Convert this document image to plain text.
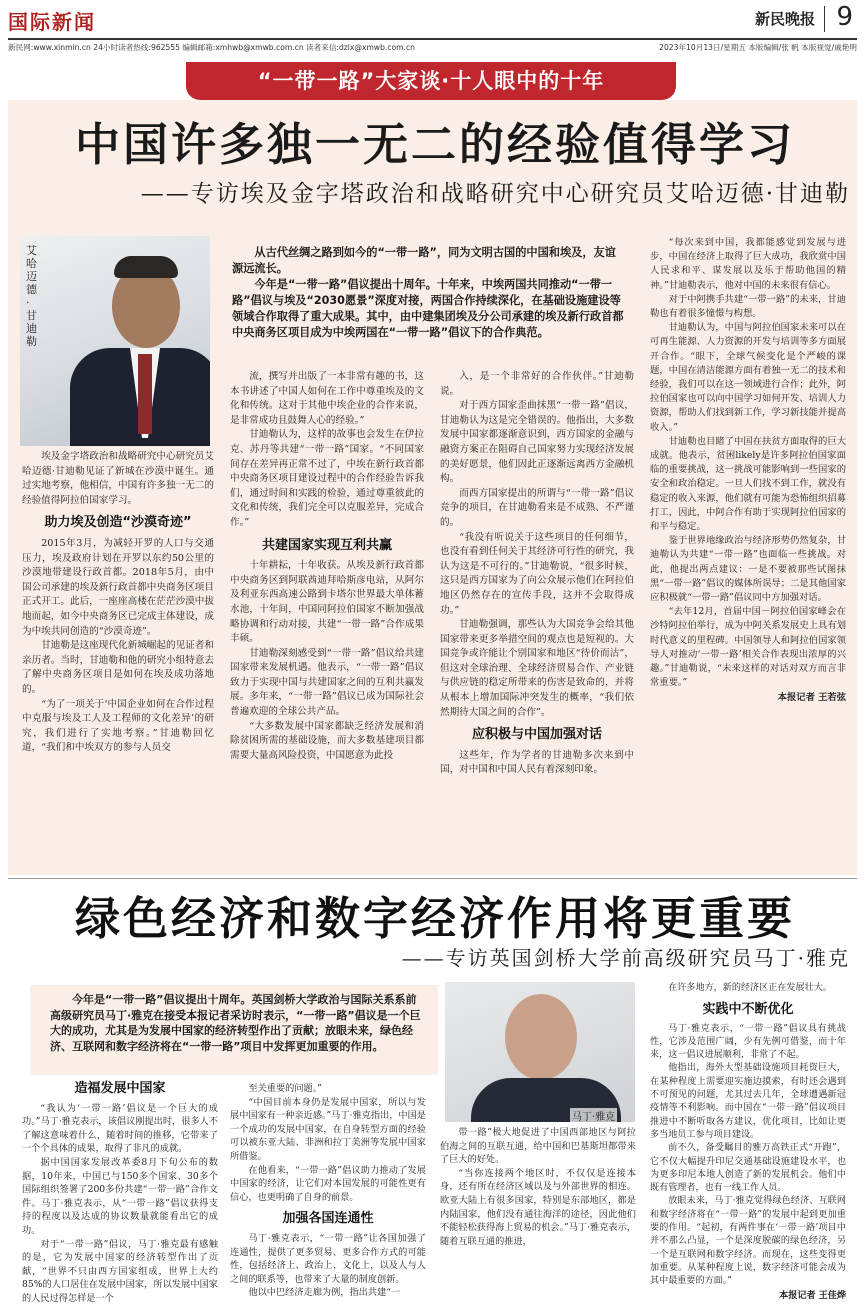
国际新闻	新民晚报 9
新民网:www.xinmin.cn 24小时读者热线:962555 编辑邮箱:xmhwb@xmwb.com.cn 读者来信:dzlx@xmwb.com.cn	2023年10月13日/星期五 本版编辑/张 帆 本版视觉/戚艳明
“一带一路”大家谈·十人眼中的十年
中国许多独一无二的经验值得学习
——专访埃及金字塔政治和战略研究中心研究员艾哈迈德·甘迪勒
艾哈迈德·甘迪勒

从古代丝绸之路到如今的“一带一路”，同为文明古国的中国和埃及，友谊源远流长。

今年是“一带一路”倡议提出十周年。十年来，中埃两国共同推动“一带一路”倡议与埃及“2030愿景”深度对接，两国合作持续深化，在基础设施建设等领域合作取得了重大成果。其中，由中建集团埃及分公司承建的埃及新行政首都中央商务区项目成为中埃两国在“一带一路”倡议下的合作典范。

埃及金字塔政治和战略研究中心研究员艾哈迈德·甘迪勒见证了新城在沙漠中诞生。通过实地考察，他相信，中国有许多独一无二的经验值得阿拉伯国家学习。

助力埃及创造“沙漠奇迹”

2015年3月，为减轻开罗的人口与交通压力，埃及政府计划在开罗以东约50公里的沙漠地带建设行政首都。2018年5月，由中国公司承建的埃及新行政首都中央商务区项目正式开工。此后，一座座高楼在茫茫沙漠中拔地而起，如今中央商务区已完成主体建设，成为中埃共同创造的“沙漠奇迹”。

甘迪勒是这座现代化新城崛起的见证者和亲历者。当时，甘迪勒和他的研究小组特意去了解中央商务区项目是如何在埃及成功落地的。

“为了一项关于‘中国企业如何在合作过程中克服与埃及工人及工程师的文化差异’的研究，我们进行了实地考察。”甘迪勒回忆道，“我们和中埃双方的参与人员交

流，撰写并出版了一本非常有趣的书，这本书讲述了中国人如何在工作中尊重埃及的文化和传统。这对于其他中埃企业的合作来说，是非常成功且鼓舞人心的经验。”

甘迪勒认为，这样的故事也会发生在伊拉克、苏丹等共建“一带一路”国家。“不同国家间存在差异再正常不过了，中埃在新行政首都中央商务区项目建设过程中的合作经验告诉我们，通过时间和实践的检验，通过尊重彼此的文化和传统，我们完全可以克服差异，完成合作。”

共建国家实现互利共赢

十年耕耘，十年收获。从埃及新行政首都中央商务区到阿联酋迪拜哈斯彦电站，从阿尔及利亚东西高速公路到卡塔尔世界最大单体蓄水池，十年间，中国同阿拉伯国家不断加强战略协调和行动对接，共建“一带一路”合作成果丰硕。

甘迪勒深刻感受到“一带一路”倡议给共建国家带来发展机遇。他表示，“一带一路”倡议致力于实现中国与共建国家之间的互利共赢发展。多年来，“一带一路”倡议已成为国际社会普遍欢迎的全球公共产品。

“大多数发展中国家都缺乏经济发展和消除贫困所需的基础设施，而大多数基建项目都需要大量高风险投资，中国愿意为此投

入，是一个非常好的合作伙伴。”甘迪勒说。

对于西方国家歪曲抹黑“一带一路”倡议，甘迪勒认为这是完全错误的。他指出，大多数发展中国家都逐渐意识到，西方国家的金融与融资方案正在阻碍自己国家努力实现经济发展的美好愿景，他们因此正逐渐远离西方金融机构。

而西方国家提出的所谓与“一带一路”倡议竞争的项目，在甘迪勒看来是不成熟、不严谨的。

“我没有听说关于这些项目的任何细节，也没有看到任何关于其经济可行性的研究，我认为这是不可行的。”甘迪勒说，“很多时候，这只是西方国家为了向公众展示他们在阿拉伯地区仍然存在的宣传手段，这并不会取得成功。”

甘迪勒强调，那些认为大国竞争会给其他国家带来更多举措空间的观点也是短视的。大国竞争或许能让个别国家和地区“待价而沽”，但这对全球治理、全球经济贸易合作、产业链与供应链的稳定所带来的伤害是致命的，并将从根本上增加国际冲突发生的概率，“我们依然期待大国之间的合作”。

应积极与中国加强对话

这些年，作为学者的甘迪勒多次来到中国，对中国和中国人民有着深刻印象。

“每次来到中国，我都能感觉到发展与进步，中国在经济上取得了巨大成功，我欣赏中国人民求和平、谋发展以及乐于帮助他国的精神。”甘迪勒表示，他对中国的未来很有信心。

对于中阿携手共建“一带一路”的未来，甘迪勒也有着很多憧憬与构想。

甘迪勒认为，中国与阿拉伯国家未来可以在可再生能源、人力资源的开发与培训等多方面展开合作。“眼下，全球气候变化是个严峻的课题，中国在清洁能源方面有着独一无二的技术和经验，我们可以在这一领域进行合作；此外，阿拉伯国家也可以向中国学习如何开发、培训人力资源，帮助人们找到新工作，学习新技能并提高收入。”

甘迪勒也目睹了中国在扶贫方面取得的巨大成就。他表示，贫困likely是许多阿拉伯国家面临的重要挑战，这一挑战可能影响到一些国家的安全和政治稳定。一旦人们找不到工作，就没有稳定的收入来源，他们就有可能为恐怖组织招募打工，因此，中阿合作有助于实现阿拉伯国家的和平与稳定。

鉴于世界地缘政治与经济形势仍然复杂，甘迪勒认为共建“一带一路”也面临一些挑战。对此，他提出两点建议：一是不要被那些试图抹黑“一带一路”倡议的媒体所误导；二是其他国家应积极就“一带一路”倡议同中方加强对话。

“去年12月，首届中国－阿拉伯国家峰会在沙特阿拉伯举行，成为中阿关系发展史上具有划时代意义的里程碑。中国领导人和阿拉伯国家领导人对推动‘一带一路’相关合作表现出浓厚的兴趣。”甘迪勒说，“未来这样的对话对双方而言非常重要。”

本报记者 王若弦
绿色经济和数字经济作用将更重要
——专访英国剑桥大学前高级研究员马丁·雅克

今年是“一带一路”倡议提出十周年。英国剑桥大学政治与国际关系系前高级研究员马丁·雅克在接受本报记者采访时表示，“一带一路”倡议是一个巨大的成功，尤其是为发展中国家的经济转型作出了贡献；放眼未来，绿色经济、互联网和数字经济将在“一带一路”项目中发挥更加重要的作用。

马丁·雅克
造福发展中国家

“我认为‘一带一路’倡议是一个巨大的成功。”马丁·雅克表示，该倡议刚提出时，很多人不了解这意味着什么，随着时间的推移，它带来了一个个具体的成果，取得了非凡的成就。

据中国国家发展改革委8月下旬公布的数据，10年来，中国已与150多个国家、30多个国际组织签署了200多份共建“一带一路”合作文件。马丁·雅克表示，从“一带一路”倡议获得支持的程度以及达成的协议数量就能看出它的成功。

对于“一带一路”倡议，马丁·雅克最有感触的是，它为发展中国家的经济转型作出了贡献，“世界不只由西方国家组成，世界上大约85%的人口居住在发展中国家，所以发展中国家的人民过得怎样是一个

至关重要的问题。”

“中国目前本身仍是发展中国家，所以与发展中国家有一种亲近感。”马丁·雅克指出，中国是一个成功的发展中国家，在自身转型方面的经验可以被东亚大陆、非洲和拉丁美洲等发展中国家所借鉴。

在他看来，“一带一路”倡议助力推动了发展中国家的经济，让它们对本国发展的可能性更有信心，也更明确了自身的前景。

加强各国连通性

马丁·雅克表示，“一带一路”让各国加强了连通性，提供了更多贸易、更多合作方式的可能性，包括经济上、政治上、文化上，以及人与人之间的联系等，也带来了大量的制度创新。

他以中巴经济走廊为例，指出共建“一

带一路”极大地促进了中国西部地区与阿拉伯海之间的互联互通，给中国和巴基斯坦都带来了巨大的好处。

“当你连接两个地区时，不仅仅是连接本身，还有所在经济区域以及与外部世界的相连。欧亚大陆上有很多国家，特别是东部地区，都是内陆国家，他们没有通往海洋的途径，因此他们不能轻松获得海上贸易的机会。”马丁·雅克表示，随着互联互通的推进，

在许多地方，新的经济区正在发展壮大。

实践中不断优化

马丁·雅克表示，“一带一路”倡议具有挑战性，它涉及范围广阔，少有先例可借鉴，而十年来，这一倡议进展顺利，非常了不起。

他指出，海外大型基础设施项目耗资巨大，在某种程度上需要迎实施边摸索，有时还会遇到不可预见的问题，尤其过去几年，全球遭遇新冠疫情等不利影响。而中国在“一带一路”倡议项目推进中不断听取各方建议，优化项目，比如让更多当地员工参与项目建设。

前不久，备受瞩目的雅万高铁正式“开跑”，它不仅大幅提升印尼交通基础设施建设水平，也为更多印尼本地人创造了新的发展机会。他们中既有管理者，也有一线工作人员。

放眼未来，马丁·雅克觉得绿色经济、互联网和数字经济将在“一带一路”的发展中起到更加重要的作用。“起初，有两件事在‘一带一路’项目中并不那么凸显，一个是深度脱碳的绿色经济，另一个是互联网和数字经济。而现在，这些变得更加重要。从某种程度上说，数字经济可能会成为其中最重要的方面。”

本报记者 王佳烨
